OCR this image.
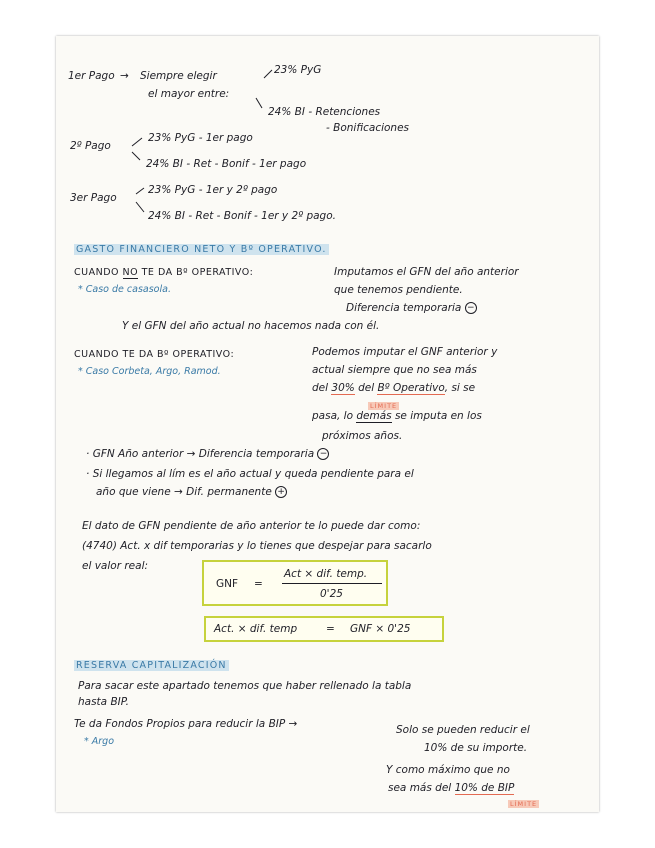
1er Pago → Siempre elegir
el mayor entre:
23% PyG
24% BI - Retenciones
- Bonificaciones
2º Pago
23% PyG - 1er pago
24% BI - Ret - Bonif - 1er pago
3er Pago
23% PyG - 1er y 2º pago
24% BI - Ret - Bonif - 1er y 2º pago.
GASTO FINANCIERO NETO Y Bº OPERATIVO.
CUANDO NO TE DA Bº OPERATIVO:	Imputamos el GFN del año anterior
que tenemos pendiente.
Diferencia temporaria −
* Caso de casasola.
Y el GFN del año actual no hacemos nada con él.
CUANDO TE DA Bº OPERATIVO:	Podemos imputar el GNF anterior y
actual siempre que no sea más
del 30% del Bº Operativo, si se
LÍMITE
pasa, lo demás se imputa en los
próximos años.
* Caso Corbeta, Argo, Ramod.
· GFN Año anterior → Diferencia temporaria −
· Si llegamos al lím es el año actual y queda pendiente para el
año que viene → Dif. permanente +
El dato de GFN pendiente de año anterior te lo puede dar como:
(4740) Act. x dif temporarias y lo tienes que despejar para sacarlo
el valor real:
GNF =
Act × dif. temp.
0'25
Act. × dif. temp	= GNF × 0'25
RESERVA CAPITALIZACIÓN
Para sacar este apartado tenemos que haber rellenado la tabla
hasta BIP.
Te da Fondos Propios para reducir la BIP →
* Argo
Solo se pueden reducir el
10% de su importe.
Y como máximo que no
sea más del 10% de BIP
LÍMITE
